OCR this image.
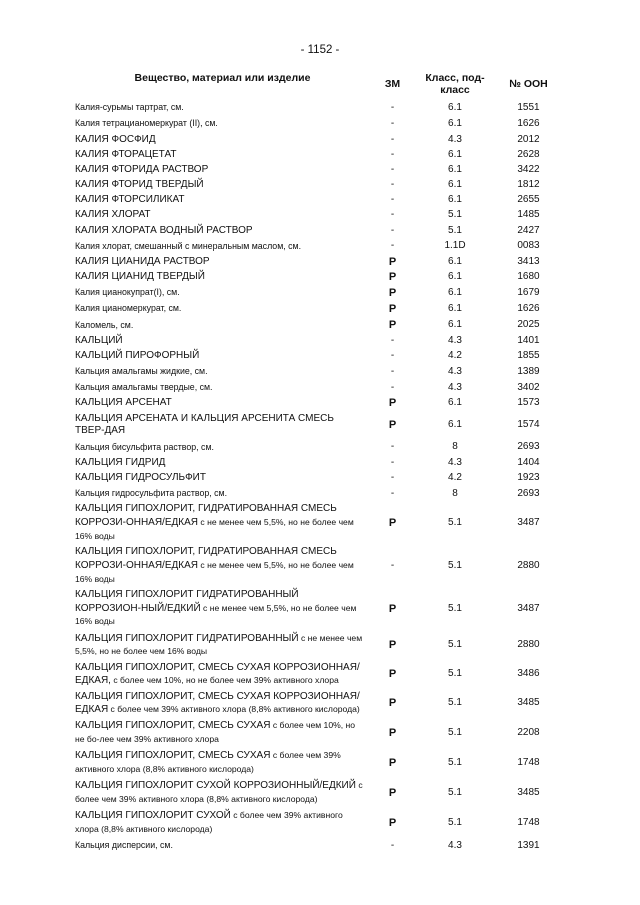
- 1152 -
Вещество, материал или изделие	ЗМ	Класс, под-класс	№ ООН
Калия-сурьмы тартрат, см.	-	6.1	1551
Калия тетрацианомеркурат (II), см.	-	6.1	1626
КАЛИЯ ФОСФИД	-	4.3	2012
КАЛИЯ ФТОРАЦЕТАТ	-	6.1	2628
КАЛИЯ ФТОРИДА РАСТВОР	-	6.1	3422
КАЛИЯ ФТОРИД ТВЕРДЫЙ	-	6.1	1812
КАЛИЯ ФТОРСИЛИКАТ	-	6.1	2655
КАЛИЯ ХЛОРАТ	-	5.1	1485
КАЛИЯ ХЛОРАТА ВОДНЫЙ РАСТВОР	-	5.1	2427
Калия хлорат, смешанный с минеральным маслом, см.	-	1.1D	0083
КАЛИЯ ЦИАНИДА РАСТВОР	P	6.1	3413
КАЛИЯ ЦИАНИД ТВЕРДЫЙ	P	6.1	1680
Калия цианокупрат(I), см.	P	6.1	1679
Калия цианомеркурат, см.	P	6.1	1626
Каломель, см.	P	6.1	2025
КАЛЬЦИЙ	-	4.3	1401
КАЛЬЦИЙ ПИРОФОРНЫЙ	-	4.2	1855
Кальция амальгамы жидкие, см.	-	4.3	1389
Кальция амальгамы твердые, см.	-	4.3	3402
КАЛЬЦИЯ АРСЕНАТ	P	6.1	1573
КАЛЬЦИЯ АРСЕНАТА И КАЛЬЦИЯ АРСЕНИТА СМЕСЬ ТВЕР-ДАЯ	P	6.1	1574
Кальция бисульфита раствор, см.	-	8	2693
КАЛЬЦИЯ ГИДРИД	-	4.3	1404
КАЛЬЦИЯ ГИДРОСУЛЬФИТ	-	4.2	1923
Кальция гидросульфита раствор, см.	-	8	2693
КАЛЬЦИЯ ГИПОХЛОРИТ, ГИДРАТИРОВАННАЯ СМЕСЬ КОРРОЗИ-ОННАЯ/ЕДКАЯ с не менее чем 5,5%, но не более чем 16% воды	P	5.1	3487
КАЛЬЦИЯ ГИПОХЛОРИТ, ГИДРАТИРОВАННАЯ СМЕСЬ КОРРОЗИ-ОННАЯ/ЕДКАЯ с не менее чем 5,5%, но не более чем 16% воды	-	5.1	2880
КАЛЬЦИЯ ГИПОХЛОРИТ ГИДРАТИРОВАННЫЙ КОРРОЗИОН-НЫЙ/ЕДКИЙ с не менее чем 5,5%, но не более чем 16% воды	P	5.1	3487
КАЛЬЦИЯ ГИПОХЛОРИТ ГИДРАТИРОВАННЫЙ с не менее чем 5,5%, но не более чем 16% воды	P	5.1	2880
КАЛЬЦИЯ ГИПОХЛОРИТ, СМЕСЬ СУХАЯ КОРРОЗИОННАЯ/ЕДКАЯ, с более чем 10%, но не более чем 39% активного хлора	P	5.1	3486
КАЛЬЦИЯ ГИПОХЛОРИТ, СМЕСЬ СУХАЯ КОРРОЗИОННАЯ/ЕДКАЯ с более чем 39% активного хлора (8,8% активного кислорода)	P	5.1	3485
КАЛЬЦИЯ ГИПОХЛОРИТ, СМЕСЬ СУХАЯ с более чем 10%, но не бо-лее чем 39% активного хлора	P	5.1	2208
КАЛЬЦИЯ ГИПОХЛОРИТ, СМЕСЬ СУХАЯ с более чем 39% активного хлора (8,8% активного кислорода)	P	5.1	1748
КАЛЬЦИЯ ГИПОХЛОРИТ СУХОЙ КОРРОЗИОННЫЙ/ЕДКИЙ с более чем 39% активного хлора (8,8% активного кислорода)	P	5.1	3485
КАЛЬЦИЯ ГИПОХЛОРИТ СУХОЙ с более чем 39% активного хлора (8,8% активного кислорода)	P	5.1	1748
Кальция дисперсии, см.	-	4.3	1391
